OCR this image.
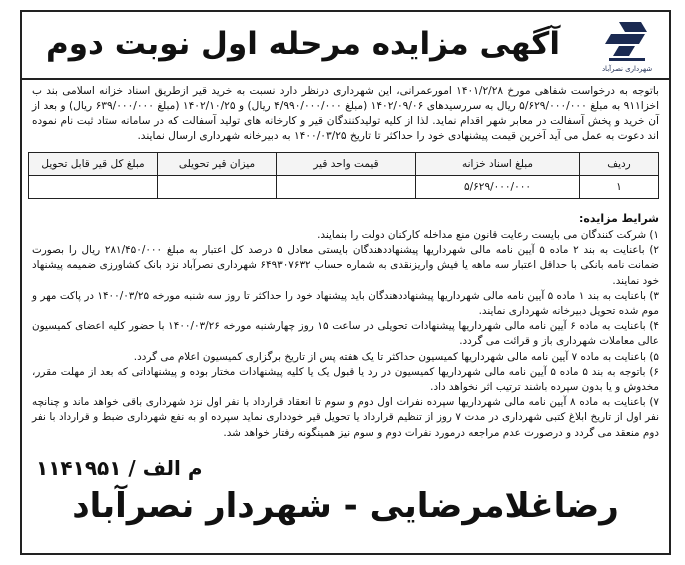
شهرداری نصرآباد
آگهی مزایده مرحله اول نوبت دوم
باتوجه به درخواست شفاهی مورخ ۱۴۰۱/۲/۲۸ امورعمرانی، این شهرداری درنظر دارد نسبت به خرید قیر ازطریق اسناد خزانه اسلامی بند ب اخزا۹۱۱ به مبلغ ۵/۶۲۹/۰۰۰/۰۰۰ ریال به سررسیدهای ۱۴۰۲/۰۹/۰۶ (مبلغ ۴/۹۹۰/۰۰۰/۰۰۰ ریال) و ۱۴۰۲/۱۰/۲۵ (مبلغ ۶۳۹/۰۰۰/۰۰۰ ریال) و بعد از آن خرید و پخش آسفالت در معابر شهر اقدام نماید. لذا از کلیه تولیدکنندگان قیر و کارخانه های تولید آسفالت که در سامانه ستاد ثبت نام نموده اند دعوت به عمل می آید آخرین قیمت پیشنهادی خود را حداکثر تا تاریخ ۱۴۰۰/۰۳/۲۵ به دبیرخانه شهرداری ارسال نمایند.
ردیف	مبلغ اسناد خزانه	قیمت واحد قیر	میزان قیر تحویلی	مبلغ کل قیر قابل تحویل
۱	۵/۶۲۹/۰۰۰/۰۰۰			
شرایط مزایده:

۱) شرکت کنندگان می بایست رعایت قانون منع مداخله کارکنان دولت را بنمایند.

۲) باعنایت به بند ۲ ماده ۵ آیین نامه مالی شهرداریها پیشنهاددهندگان بایستی معادل ۵ درصد کل اعتبار به مبلغ ۲۸۱/۴۵۰/۰۰۰ ریال را بصورت ضمانت نامه بانکی با حداقل اعتبار سه ماهه یا فیش واریزنقدی به شماره حساب ۶۴۹۳۰۷۶۳۲ شهرداری نصرآباد نزد بانک کشاورزی ضمیمه پیشنهاد خود نمایند.

۳) باعنایت به بند ۱ ماده ۵ آیین نامه مالی شهرداریها پیشنهاددهندگان باید پیشنهاد خود را حداکثر تا روز سه شنبه مورخه ۱۴۰۰/۰۳/۲۵ در پاکت مهر و موم شده تحویل دبیرخانه شهرداری نمایند.

۴) باعنایت به ماده ۶ آیین نامه مالی شهرداریها پیشنهادات تحویلی در ساعت ۱۵ روز چهارشنبه مورخه ۱۴۰۰/۰۳/۲۶ با حضور کلیه اعضای کمیسیون عالی معاملات شهرداری باز و قرائت می گردد.

۵) باعنایت به ماده ۷ آیین نامه مالی شهرداریها کمیسیون حداکثر تا یک هفته پس از تاریخ برگزاری کمیسیون اعلام می گردد.

۶) باتوجه به بند ۵ ماده ۵ آیین نامه مالی شهرداریها کمیسیون در رد یا قبول یک یا کلیه پیشنهادات مختار بوده و پیشنهاداتی که بعد از مهلت مقرر، مخدوش و یا بدون سپرده باشند ترتیب اثر نخواهد داد.

۷) باعنایت به ماده ۸ آیین نامه مالی شهرداریها سپرده نفرات اول دوم و سوم تا انعقاد قرارداد با نفر اول نزد شهرداری باقی خواهد ماند و چنانچه نفر اول از تاریخ ابلاغ کتبی شهرداری در مدت ۷ روز از تنظیم قرارداد یا تحویل قیر خودداری نماید سپرده او به نفع شهرداری ضبط و قرارداد با نفر دوم منعقد می گردد و درصورت عدم مراجعه درمورد نفرات دوم و سوم نیز همینگونه رفتار خواهد شد.

۱۱۴۱۹۵۱ / م الف
رضاغلامرضایی - شهردار نصرآباد
